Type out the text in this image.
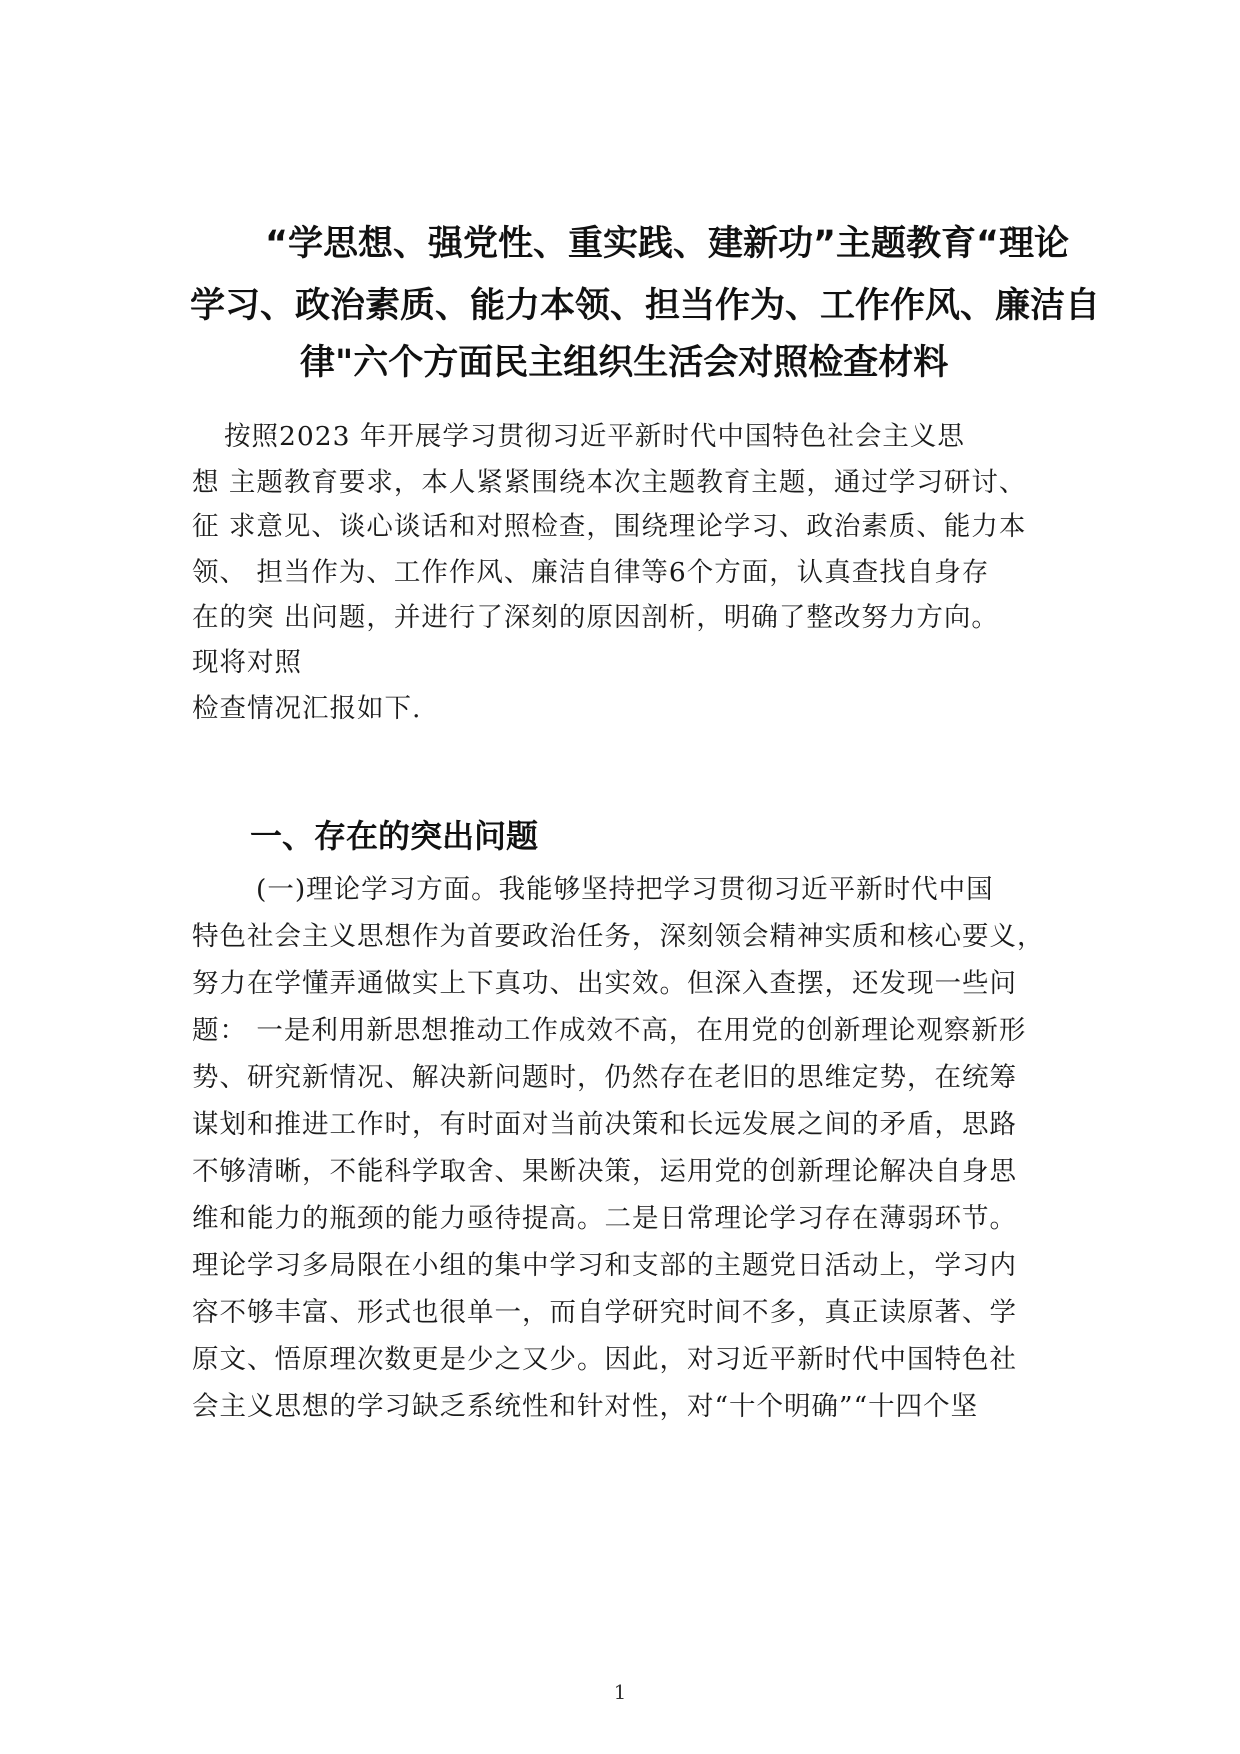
“学思想、强党性、重实践、建新功”主题教育“理论
学习、政治素质、能力本领、担当作为、工作作风、廉洁自
律"六个方面民主组织生活会对照检查材料
按照2023 年开展学习贯彻习近平新时代中国特色社会主义思
想 主题教育要求，本人紧紧围绕本次主题教育主题，通过学习研讨、
征 求意见、谈心谈话和对照检查，围绕理论学习、政治素质、能力本
领、 担当作为、工作作风、廉洁自律等6个方面，认真查找自身存
在的突 出问题，并进行了深刻的原因剖析，明确了整改努力方向。
现将对照
检查情况汇报如下.
一、存在的突出问题
(一)理论学习方面。我能够坚持把学习贯彻习近平新时代中国
特色社会主义思想作为首要政治任务，深刻领会精神实质和核心要义，
努力在学懂弄通做实上下真功、出实效。但深入查摆，还发现一些问
题： 一是利用新思想推动工作成效不高，在用党的创新理论观察新形
势、研究新情况、解决新问题时，仍然存在老旧的思维定势，在统筹
谋划和推进工作时，有时面对当前决策和长远发展之间的矛盾，思路
不够清晰，不能科学取舍、果断决策，运用党的创新理论解决自身思
维和能力的瓶颈的能力亟待提高。二是日常理论学习存在薄弱环节。
理论学习多局限在小组的集中学习和支部的主题党日活动上，学习内
容不够丰富、形式也很单一，而自学研究时间不多，真正读原著、学
原文、悟原理次数更是少之又少。因此，对习近平新时代中国特色社
会主义思想的学习缺乏系统性和针对性，对“十个明确”“十四个坚
1
